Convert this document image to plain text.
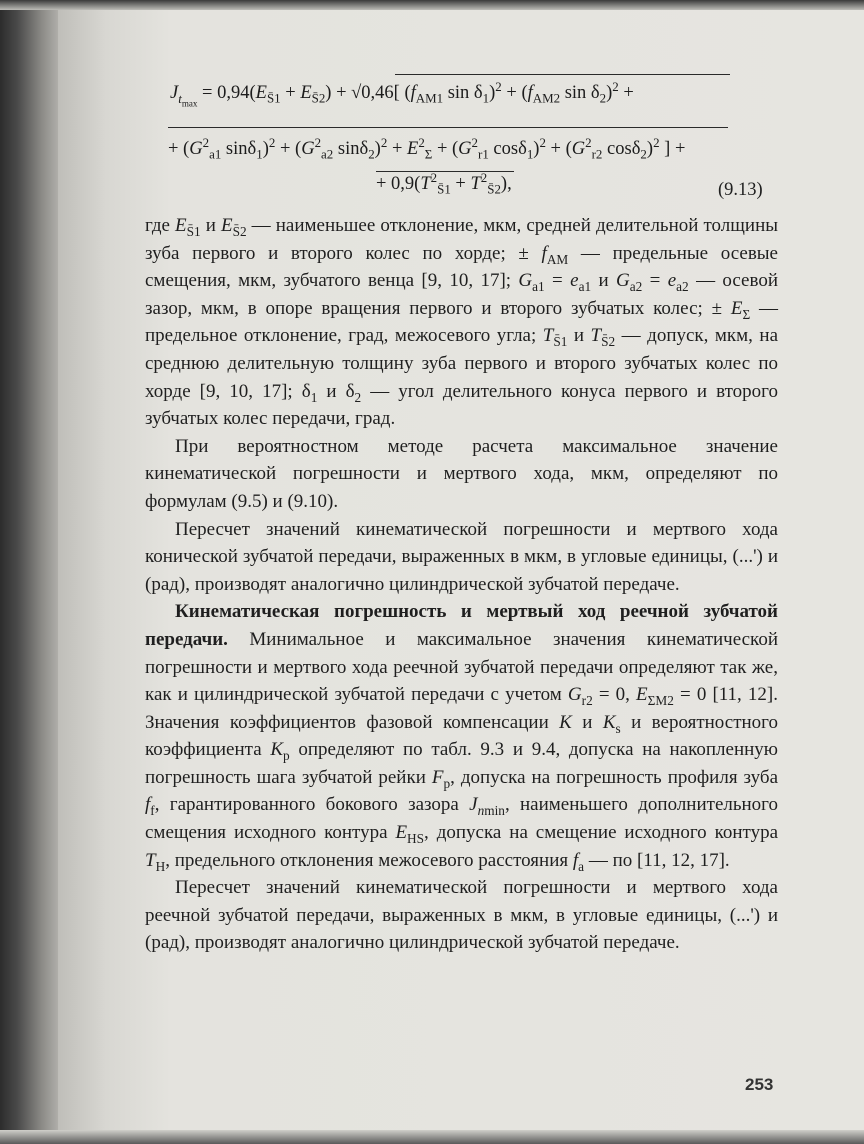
$J_{t_{max}} = 0,94(E_{S̄1} + E_{S̄2}) + √0,46$[ ($f_{AM1}$ $\sin \delta_1)^2 + (f_{AM2}$ $\sin \delta_2)^2$ +
+ ($G^2_{a1}$ $\sin\delta_1)^2 + (G^2_{a2}$ $\sin\delta_2)^2 + E^2_\Sigma + (G^2_{r1}$ $\cos\delta_1)^2 + (G^2_{r2}$ cosδ$_2$)$^2$ ] +
+ $0,9(T^2_{S̄1} + T^2_{S̄2})$,	(9.13)

где $E_{S̄1}$ и $E_{S̄2}$ — наименьшее отклонение, мкм, средней делительной толщины зуба первого и второго колес по хорде; ± $f_{AM}$ — предельные осевые смещения, мкм, зубчатого венца [9, 10, 17]; $G_{a1} = e_{a1}$ и $G_{a2} = e_{a2}$ — осевой зазор, мкм, в опоре вращения первого и второго зубчатых колес; ± $E_\Sigma$ — предельное отклонение, град, межосевого угла; $T_{S̄1}$ и $T_{S̄2}$ — допуск, мкм, на среднюю делительную толщину зуба первого и второго зубчатых колес по хорде [9, 10, 17]; $\delta_1$ и $\delta_2$ — угол делительного конуса первого и второго зубчатых колес передачи, град.

При вероятностном методе расчета максимальное значение кинематической погрешности и мертвого хода, мкм, определяют по формулам (9.5) и (9.10).

Пересчет значений кинематической погрешности и мертвого хода конической зубчатой передачи, выраженных в мкм, в угловые единицы, (...') и (рад), производят аналогично цилиндрической зубчатой передаче.

Кинематическая погрешность и мертвый ход реечной зубчатой передачи. Минимальное и максимальное значения кинематической погрешности и мертвого хода реечной зубчатой передачи определяют так же, как и цилиндрической зубчатой передачи с учетом $G_{r2} = 0$, $E_{\Sigma M2} = 0$ [11, 12]. Значения коэффициентов фазовой компенсации K и $K_s$ и вероятностного коэффициента $K_p$ определяют по табл. 9.3 и 9.4, допуска на накопленную погрешность шага зубчатой рейки $F_p$, допуска на погрешность профиля зуба $f_f$, гарантированного бокового зазора $J_{nmin}$, наименьшего дополнительного смещения исходного контура $E_{HS}$, допуска на смещение исходного контура $T_H$, предельного отклонения межосевого расстояния $f_a$ — по [11, 12, 17].

Пересчет значений кинематической погрешности и мертвого хода реечной зубчатой передачи, выраженных в мкм, в угловые единицы, (...') и (рад), производят аналогично цилиндрической зубчатой передаче.

253
